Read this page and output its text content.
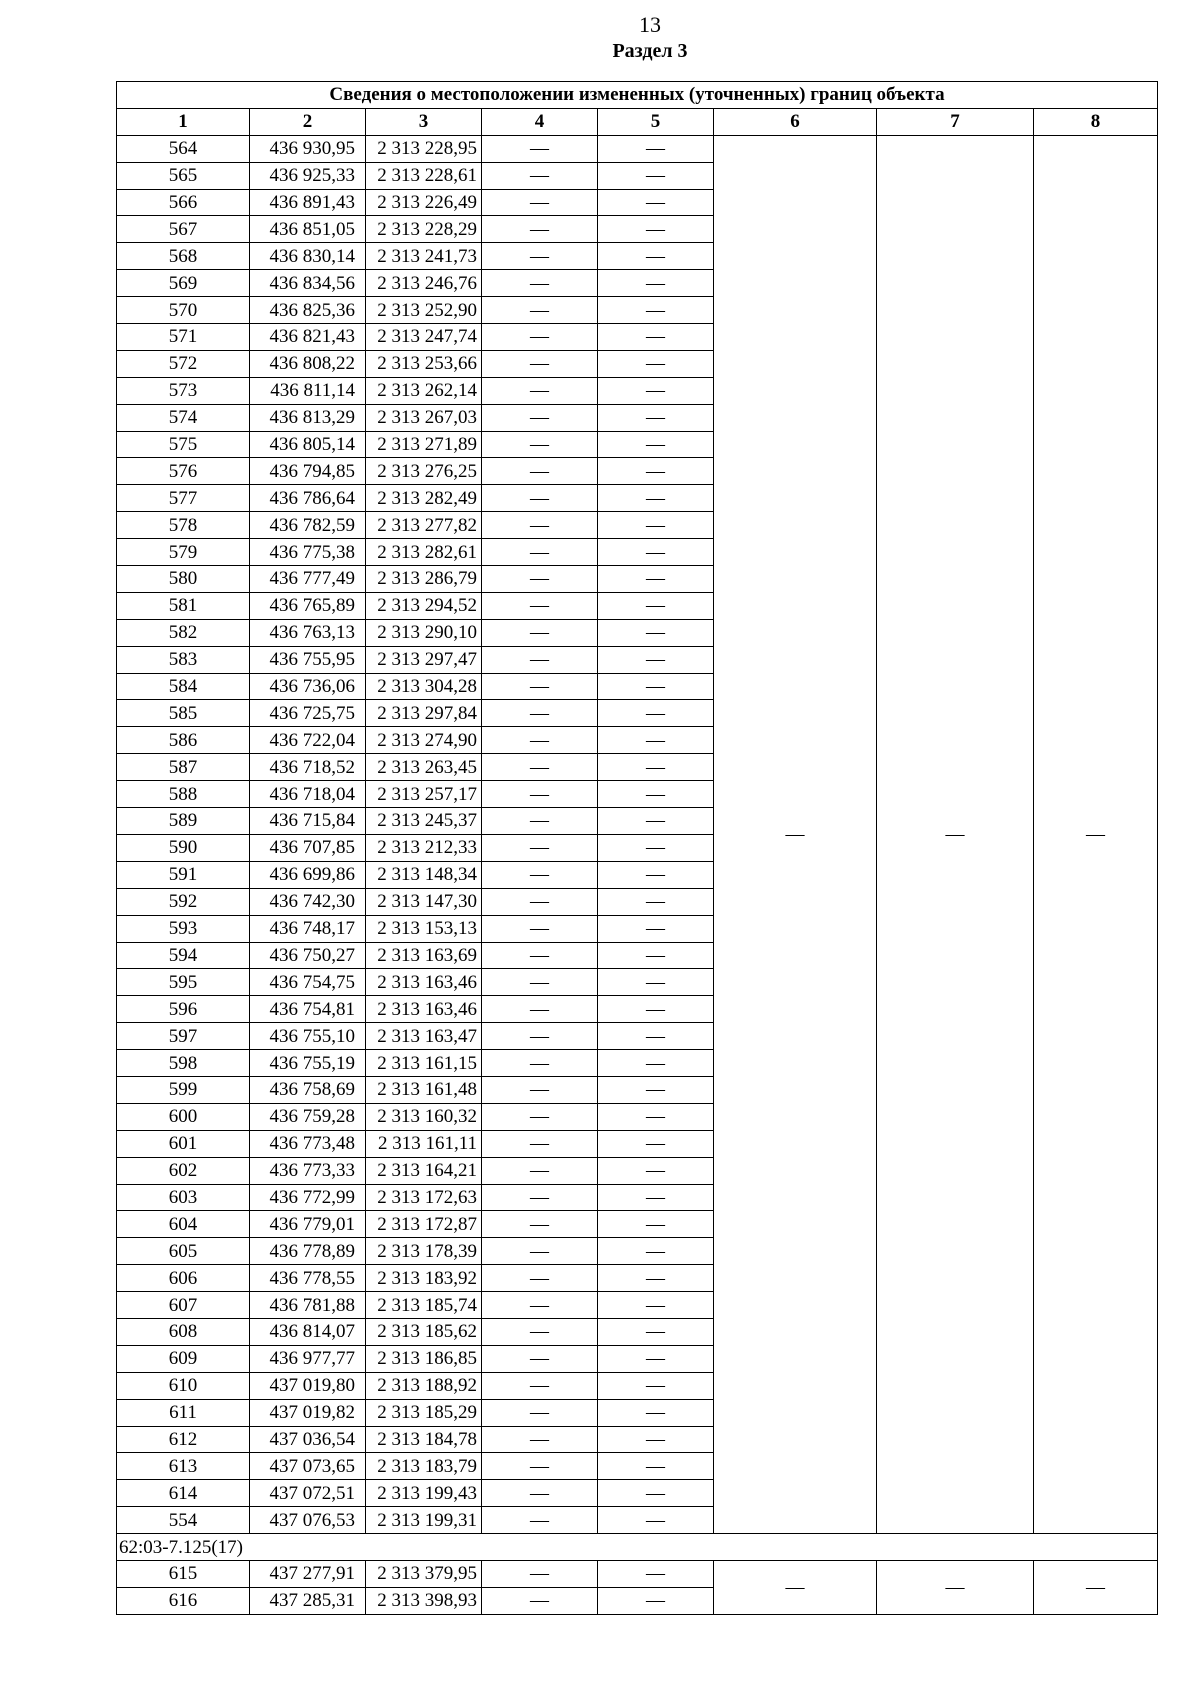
13
Раздел 3
Сведения о местоположении измененных (уточненных) границ объекта							
1	2	3	4	5	6	7	8
564	436 930,95	2 313 228,95	—	—	—	—	—
565	436 925,33	2 313 228,61	—	—			
566	436 891,43	2 313 226,49	—	—			
567	436 851,05	2 313 228,29	—	—			
568	436 830,14	2 313 241,73	—	—			
569	436 834,56	2 313 246,76	—	—			
570	436 825,36	2 313 252,90	—	—			
571	436 821,43	2 313 247,74	—	—			
572	436 808,22	2 313 253,66	—	—			
573	436 811,14	2 313 262,14	—	—			
574	436 813,29	2 313 267,03	—	—			
575	436 805,14	2 313 271,89	—	—			
576	436 794,85	2 313 276,25	—	—			
577	436 786,64	2 313 282,49	—	—			
578	436 782,59	2 313 277,82	—	—			
579	436 775,38	2 313 282,61	—	—			
580	436 777,49	2 313 286,79	—	—			
581	436 765,89	2 313 294,52	—	—			
582	436 763,13	2 313 290,10	—	—			
583	436 755,95	2 313 297,47	—	—			
584	436 736,06	2 313 304,28	—	—			
585	436 725,75	2 313 297,84	—	—			
586	436 722,04	2 313 274,90	—	—			
587	436 718,52	2 313 263,45	—	—			
588	436 718,04	2 313 257,17	—	—			
589	436 715,84	2 313 245,37	—	—			
590	436 707,85	2 313 212,33	—	—			
591	436 699,86	2 313 148,34	—	—			
592	436 742,30	2 313 147,30	—	—			
593	436 748,17	2 313 153,13	—	—			
594	436 750,27	2 313 163,69	—	—			
595	436 754,75	2 313 163,46	—	—			
596	436 754,81	2 313 163,46	—	—			
597	436 755,10	2 313 163,47	—	—			
598	436 755,19	2 313 161,15	—	—			
599	436 758,69	2 313 161,48	—	—			
600	436 759,28	2 313 160,32	—	—			
601	436 773,48	2 313 161,11	—	—			
602	436 773,33	2 313 164,21	—	—			
603	436 772,99	2 313 172,63	—	—			
604	436 779,01	2 313 172,87	—	—			
605	436 778,89	2 313 178,39	—	—			
606	436 778,55	2 313 183,92	—	—			
607	436 781,88	2 313 185,74	—	—			
608	436 814,07	2 313 185,62	—	—			
609	436 977,77	2 313 186,85	—	—			
610	437 019,80	2 313 188,92	—	—			
611	437 019,82	2 313 185,29	—	—			
612	437 036,54	2 313 184,78	—	—			
613	437 073,65	2 313 183,79	—	—			
614	437 072,51	2 313 199,43	—	—			
554	437 076,53	2 313 199,31	—	—			
62:03-7.125(17)							
615	437 277,91	2 313 379,95	—	—	—	—	—
616	437 285,31	2 313 398,93	—	—			
